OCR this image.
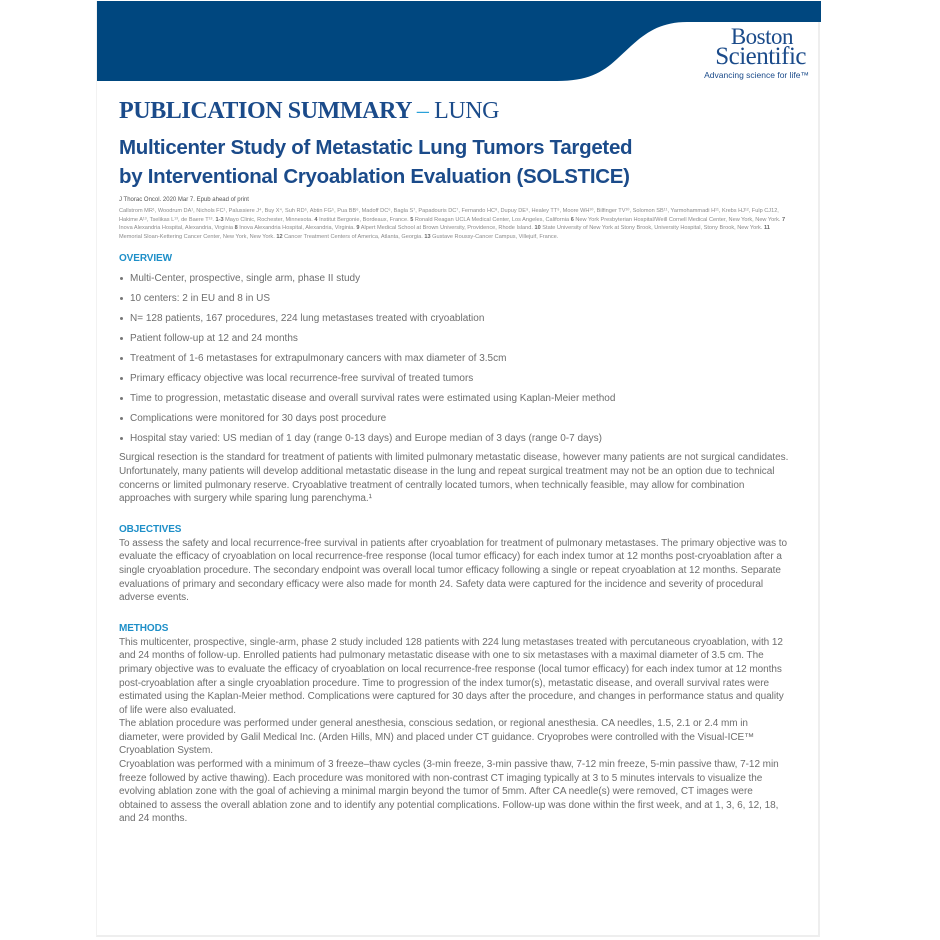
Boston
Scientific
Advancing science for life™
PUBLICATION SUMMARY – LUNG
Multicenter Study of Metastatic Lung Tumors Targeted
by Interventional Cryoablation Evaluation (SOLSTICE)
J Thorac Oncol. 2020 Mar 7. Epub ahead of print
Callstrom MR¹, Woodrum DA¹, Nichols FC¹, Palussiere J⁴, Buy X⁴, Suh RD⁵, Abtin FG⁵, Pua BB⁶, Madoff DC⁶, Bagla S⁷, Papadouris DC⁷, Fernando HC⁸, Dupuy DE⁹, Healey TT⁹, Moore WH¹⁰, Bilfinger TV¹⁰, Solomon SB¹¹, Yarmohammadi H¹¹, Krebs HJ¹², Fulp CJ12, Hakime A¹³, Tselikas L¹³, de Baere T¹³. 1-3 Mayo Clinic, Rochester, Minnesota. 4 Institut Bergonie, Bordeaux, France. 5 Ronald Reagan UCLA Medical Center, Los Angeles, California 6 New York Presbyterian Hospital/Weill Cornell Medical Center, New York, New York. 7 Inova Alexandria Hospital, Alexandria, Virginia 8 Inova Alexandria Hospital, Alexandria, Virginia. 9 Alpert Medical School at Brown University, Providence, Rhode Island. 10 State University of New York at Stony Brook, University Hospital, Stony Brook, New York. 11 Memorial Sloan-Kettering Cancer Center, New York, New York. 12 Cancer Treatment Centers of America, Atlanta, Georgia. 13 Gustave Roussy-Cancer Campus, Villejuif, France.
OVERVIEW
Multi-Center, prospective, single arm, phase II study
10 centers: 2 in EU and 8 in US
N= 128 patients, 167 procedures, 224 lung metastases treated with cryoablation
Patient follow-up at 12 and 24 months
Treatment of 1-6 metastases for extrapulmonary cancers with max diameter of 3.5cm
Primary efficacy objective was local recurrence-free survival of treated tumors
Time to progression, metastatic disease and overall survival rates were estimated using Kaplan-Meier method
Complications were monitored for 30 days post procedure
Hospital stay varied: US median of 1 day (range 0-13 days) and Europe median of 3 days (range 0-7 days)

Surgical resection is the standard for treatment of patients with limited pulmonary metastatic disease, however many patients are not surgical candidates. Unfortunately, many patients will develop additional metastatic disease in the lung and repeat surgical treatment may not be an option due to technical concerns or limited pulmonary reserve. Cryoablative treatment of centrally located tumors, when technically feasible, may allow for combination approaches with surgery while sparing lung parenchyma.¹

OBJECTIVES

To assess the safety and local recurrence-free survival in patients after cryoablation for treatment of pulmonary metastases. The primary objective was to evaluate the efficacy of cryoablation on local recurrence-free response (local tumor efficacy) for each index tumor at 12 months post-cryoablation after a single cryoablation procedure. The secondary endpoint was overall local tumor efficacy following a single or repeat cryoablation at 12 months. Separate evaluations of primary and secondary efficacy were also made for month 24. Safety data were captured for the incidence and severity of procedural adverse events.

METHODS

This multicenter, prospective, single-arm, phase 2 study included 128 patients with 224 lung metastases treated with percutaneous cryoablation, with 12 and 24 months of follow-up. Enrolled patients had pulmonary metastatic disease with one to six metastases with a maximal diameter of 3.5 cm. The primary objective was to evaluate the efficacy of cryoablation on local recurrence-free response (local tumor efficacy) for each index tumor at 12 months post-cryoablation after a single cryoablation procedure. Time to progression of the index tumor(s), metastatic disease, and overall survival rates were estimated using the Kaplan-Meier method. Complications were captured for 30 days after the procedure, and changes in performance status and quality of life were also evaluated.

The ablation procedure was performed under general anesthesia, conscious sedation, or regional anesthesia. CA needles, 1.5, 2.1 or 2.4 mm in diameter, were provided by Galil Medical Inc. (Arden Hills, MN) and placed under CT guidance. Cryoprobes were controlled with the Visual-ICE™ Cryoablation System.

Cryoablation was performed with a minimum of 3 freeze–thaw cycles (3-min freeze, 3-min passive thaw, 7-12 min freeze, 5-min passive thaw, 7-12 min freeze followed by active thawing). Each procedure was monitored with non-contrast CT imaging typically at 3 to 5 minutes intervals to visualize the evolving ablation zone with the goal of achieving a minimal margin beyond the tumor of 5mm. After CA needle(s) were removed, CT images were obtained to assess the overall ablation zone and to identify any potential complications. Follow-up was done within the first week, and at 1, 3, 6, 12, 18, and 24 months.
